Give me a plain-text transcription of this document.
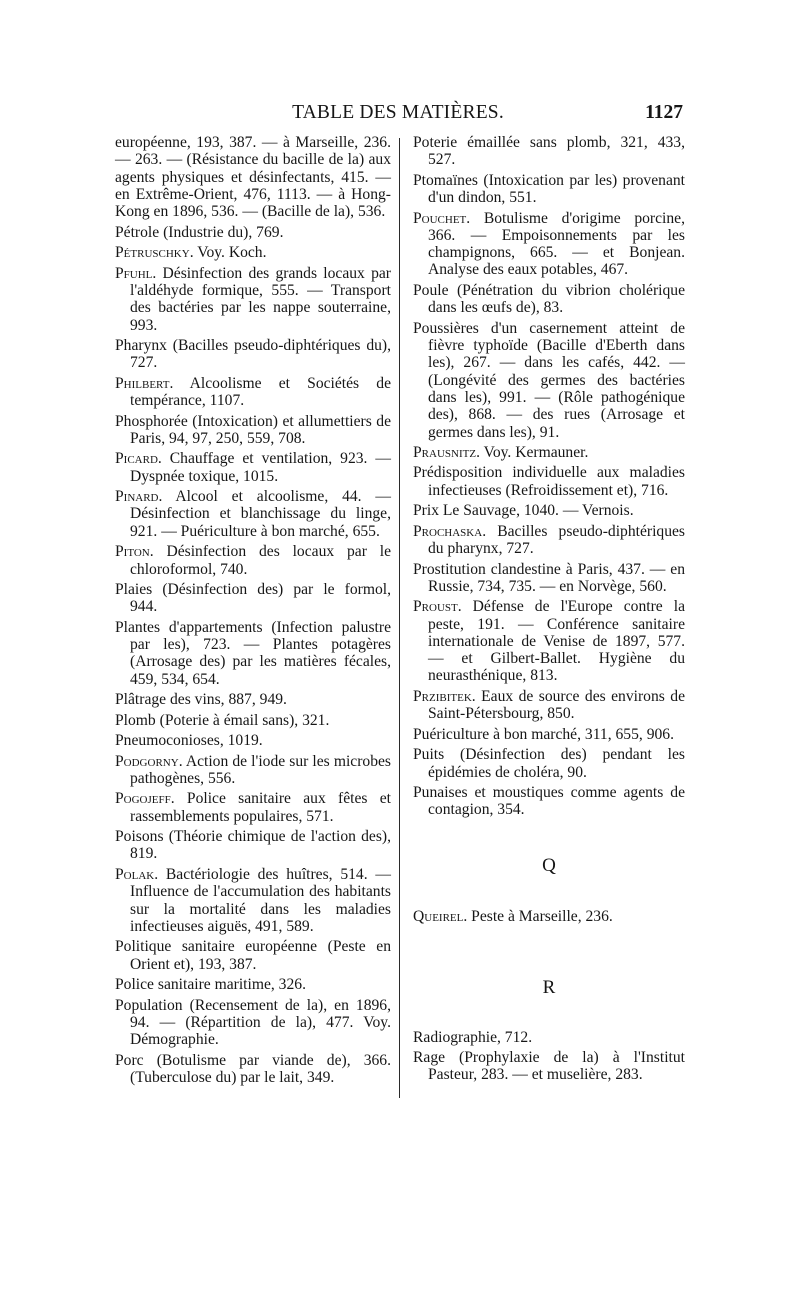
TABLE DES MATIÈRES.	1127

européenne, 193, 387. — à Marseille, 236. — 263. — (Résistance du bacille de la) aux agents physiques et désinfectants, 415. — en Extrême-Orient, 476, 1113. — à Hong-Kong en 1896, 536. — (Bacille de la), 536.

Pétrole (Industrie du), 769.

Pétruschky. Voy. Koch.

Pfuhl. Désinfection des grands locaux par l'aldéhyde formique, 555. — Transport des bactéries par les nappe souterraine, 993.

Pharynx (Bacilles pseudo-diphtériques du), 727.

Philbert. Alcoolisme et Sociétés de tempérance, 1107.

Phosphorée (Intoxication) et allumettiers de Paris, 94, 97, 250, 559, 708.

Picard. Chauffage et ventilation, 923. — Dyspnée toxique, 1015.

Pinard. Alcool et alcoolisme, 44. — Désinfection et blanchissage du linge, 921. — Puériculture à bon marché, 655.

Piton. Désinfection des locaux par le chloroformol, 740.

Plaies (Désinfection des) par le formol, 944.

Plantes d'appartements (Infection palustre par les), 723. — Plantes potagères (Arrosage des) par les matières fécales, 459, 534, 654.

Plâtrage des vins, 887, 949.

Plomb (Poterie à émail sans), 321.

Pneumoconioses, 1019.

Podgorny. Action de l'iode sur les microbes pathogènes, 556.

Pogojeff. Police sanitaire aux fêtes et rassemblements populaires, 571.

Poisons (Théorie chimique de l'action des), 819.

Polak. Bactériologie des huîtres, 514. — Influence de l'accumulation des habitants sur la mortalité dans les maladies infectieuses aiguës, 491, 589.

Politique sanitaire européenne (Peste en Orient et), 193, 387.

Police sanitaire maritime, 326.

Population (Recensement de la), en 1896, 94. — (Répartition de la), 477. Voy. Démographie.

Porc (Botulisme par viande de), 366. (Tuberculose du) par le lait, 349.

Poterie émaillée sans plomb, 321, 433, 527.

Ptomaïnes (Intoxication par les) provenant d'un dindon, 551.

Pouchet. Botulisme d'origime porcine, 366. — Empoisonnements par les champignons, 665. — et Bonjean. Analyse des eaux potables, 467.

Poule (Pénétration du vibrion cholérique dans les œufs de), 83.

Poussières d'un casernement atteint de fièvre typhoïde (Bacille d'Eberth dans les), 267. — dans les cafés, 442. — (Longévité des germes des bactéries dans les), 991. — (Rôle pathogénique des), 868. — des rues (Arrosage et germes dans les), 91.

Prausnitz. Voy. Kermauner.

Prédisposition individuelle aux maladies infectieuses (Refroidissement et), 716.

Prix Le Sauvage, 1040. — Vernois.

Prochaska. Bacilles pseudo-diphtériques du pharynx, 727.

Prostitution clandestine à Paris, 437. — en Russie, 734, 735. — en Norvège, 560.

Proust. Défense de l'Europe contre la peste, 191. — Conférence sanitaire internationale de Venise de 1897, 577. — et Gilbert-Ballet. Hygiène du neurasthénique, 813.

Przibitek. Eaux de source des environs de Saint-Pétersbourg, 850.

Puériculture à bon marché, 311, 655, 906.

Puits (Désinfection des) pendant les épidémies de choléra, 90.

Punaises et moustiques comme agents de contagion, 354.

Q

Queirel. Peste à Marseille, 236.

R

Radiographie, 712.

Rage (Prophylaxie de la) à l'Institut Pasteur, 283. — et muselière, 283.
